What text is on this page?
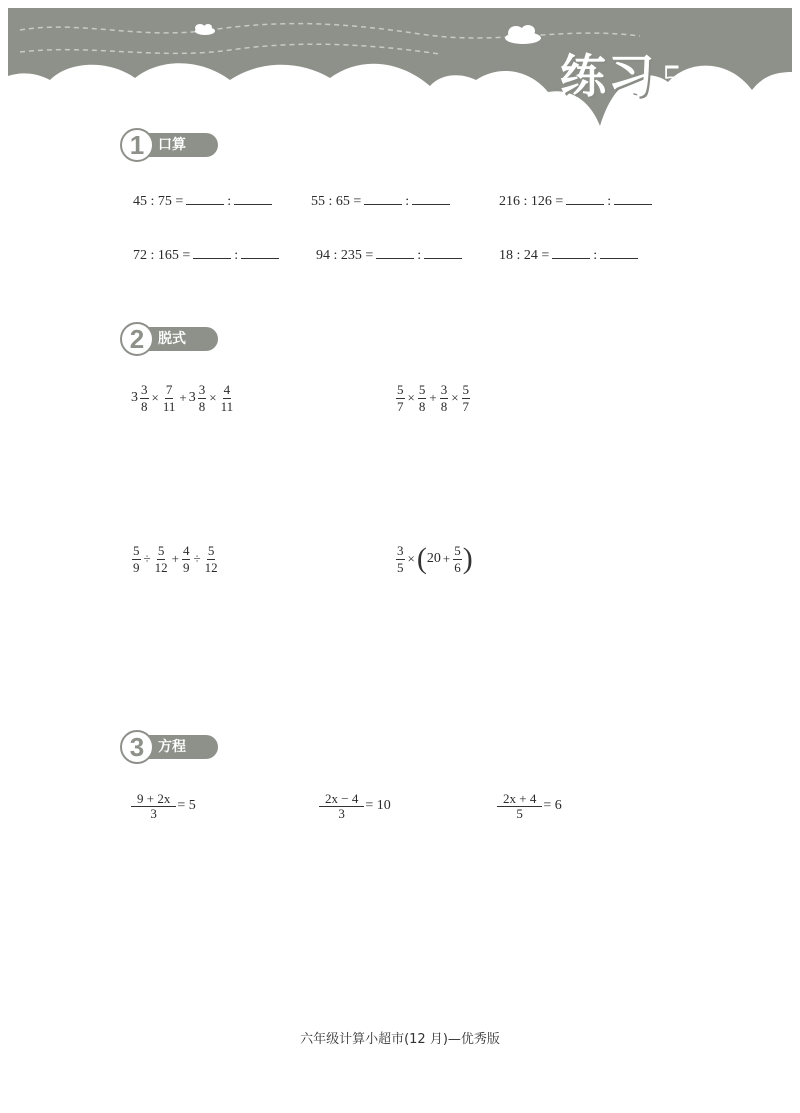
练习 5
1 口算
45 : 75 =	:	55 : 65 =	:	216 : 126 =	:
72 : 165 =	:	94 : 235 =	:	18 : 24 =	:
2 脱式
$3 \frac{3}{8} \times \frac{7}{11} + 3 \frac{3}{8} \times \frac{4}{11}$	$\frac{5}{7} \times \frac{5}{8} + \frac{3}{8} \times \frac{5}{7}$
$\frac{5}{9} \div \frac{5}{12} + \frac{4}{9} \div \frac{5}{12}$	$\frac{3}{5}$ × ( $20 + \frac{5}{6}$ )
3 方程
$\frac{9 + 2x}{3} = 5$	$\frac{2x - 4}{3} = 10$	$\frac{2x + 4}{5} = 6$
六年级计算小超市(12 月)—优秀版
